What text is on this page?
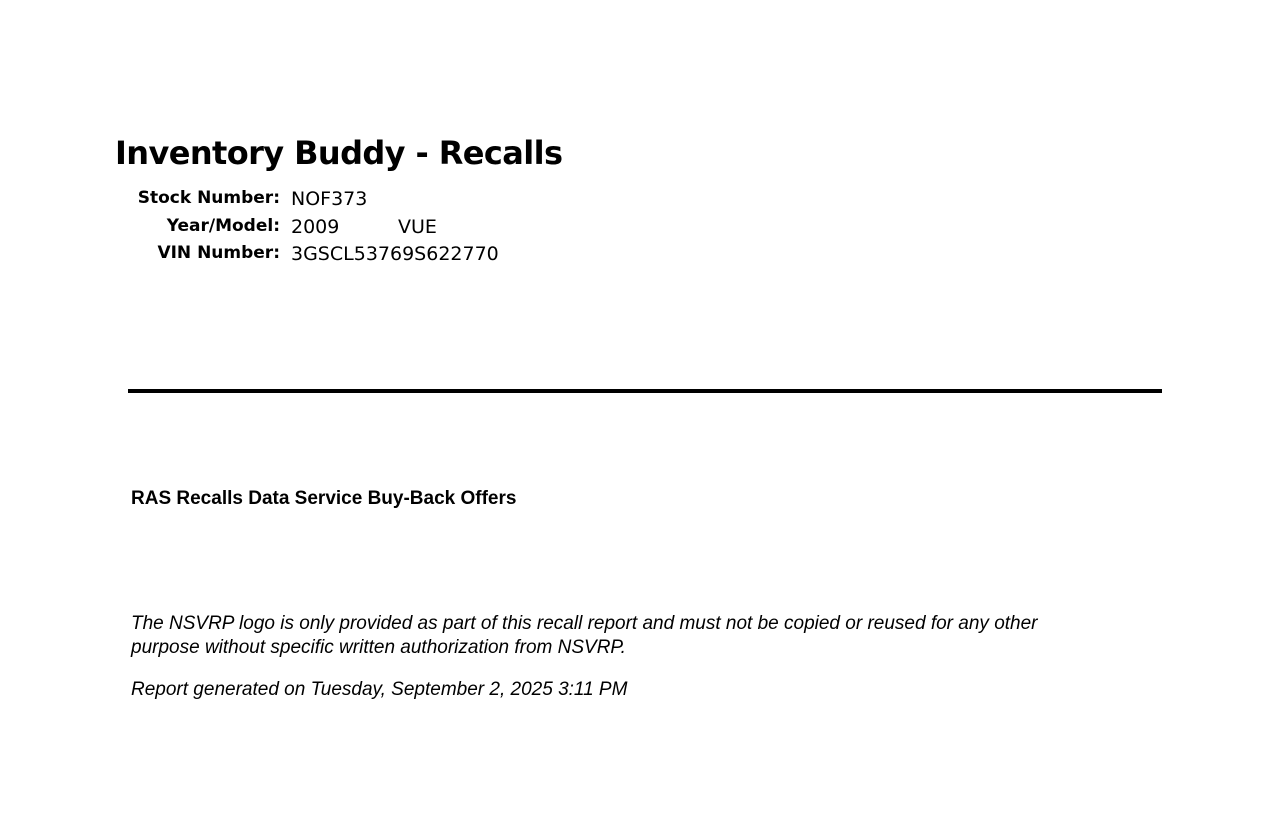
Inventory Buddy - Recalls
Stock Number: NOF373
Year/Model: 2009	VUE
VIN Number: 3GSCL53769S622770
RAS Recalls Data Service Buy-Back Offers
The NSVRP logo is only provided as part of this recall report and must not be copied or reused for any other
purpose without specific written authorization from NSVRP.
Report generated on Tuesday, September 2, 2025 3:11 PM
